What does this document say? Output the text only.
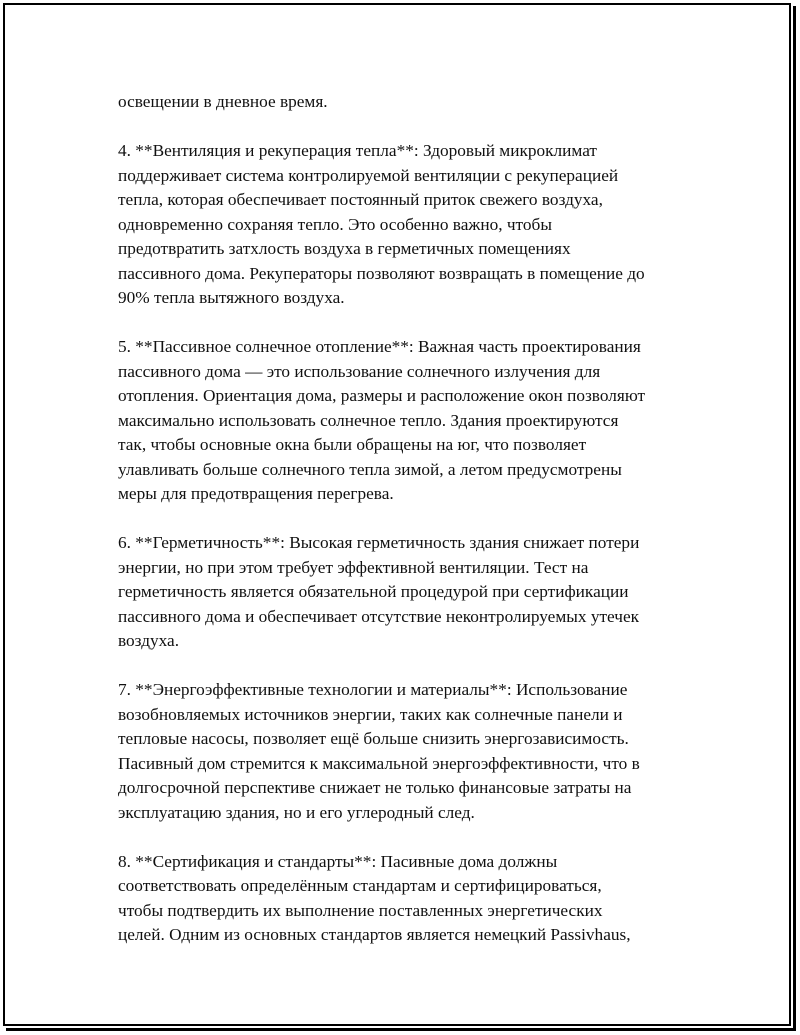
освещении в дневное время.
4. **Вентиляция и рекуперация тепла**: Здоровый микроклимат
поддерживает система контролируемой вентиляции с рекуперацией
тепла, которая обеспечивает постоянный приток свежего воздуха,
одновременно сохраняя тепло. Это особенно важно, чтобы
предотвратить затхлость воздуха в герметичных помещениях
пассивного дома. Рекуператоры позволяют возвращать в помещение до
90% тепла вытяжного воздуха.
5. **Пассивное солнечное отопление**: Важная часть проектирования
пассивного дома — это использование солнечного излучения для
отопления. Ориентация дома, размеры и расположение окон позволяют
максимально использовать солнечное тепло. Здания проектируются
так, чтобы основные окна были обращены на юг, что позволяет
улавливать больше солнечного тепла зимой, а летом предусмотрены
меры для предотвращения перегрева.
6. **Герметичность**: Высокая герметичность здания снижает потери
энергии, но при этом требует эффективной вентиляции. Тест на
герметичность является обязательной процедурой при сертификации
пассивного дома и обеспечивает отсутствие неконтролируемых утечек
воздуха.
7. **Энергоэффективные технологии и материалы**: Использование
возобновляемых источников энергии, таких как солнечные панели и
тепловые насосы, позволяет ещё больше снизить энергозависимость.
Пасивный дом стремится к максимальной энергоэффективности, что в
долгосрочной перспективе снижает не только финансовые затраты на
эксплуатацию здания, но и его углеродный след.
8. **Сертификация и стандарты**: Пасивные дома должны
соответствовать определённым стандартам и сертифицироваться,
чтобы подтвердить их выполнение поставленных энергетических
целей. Одним из основных стандартов является немецкий Passivhaus,
